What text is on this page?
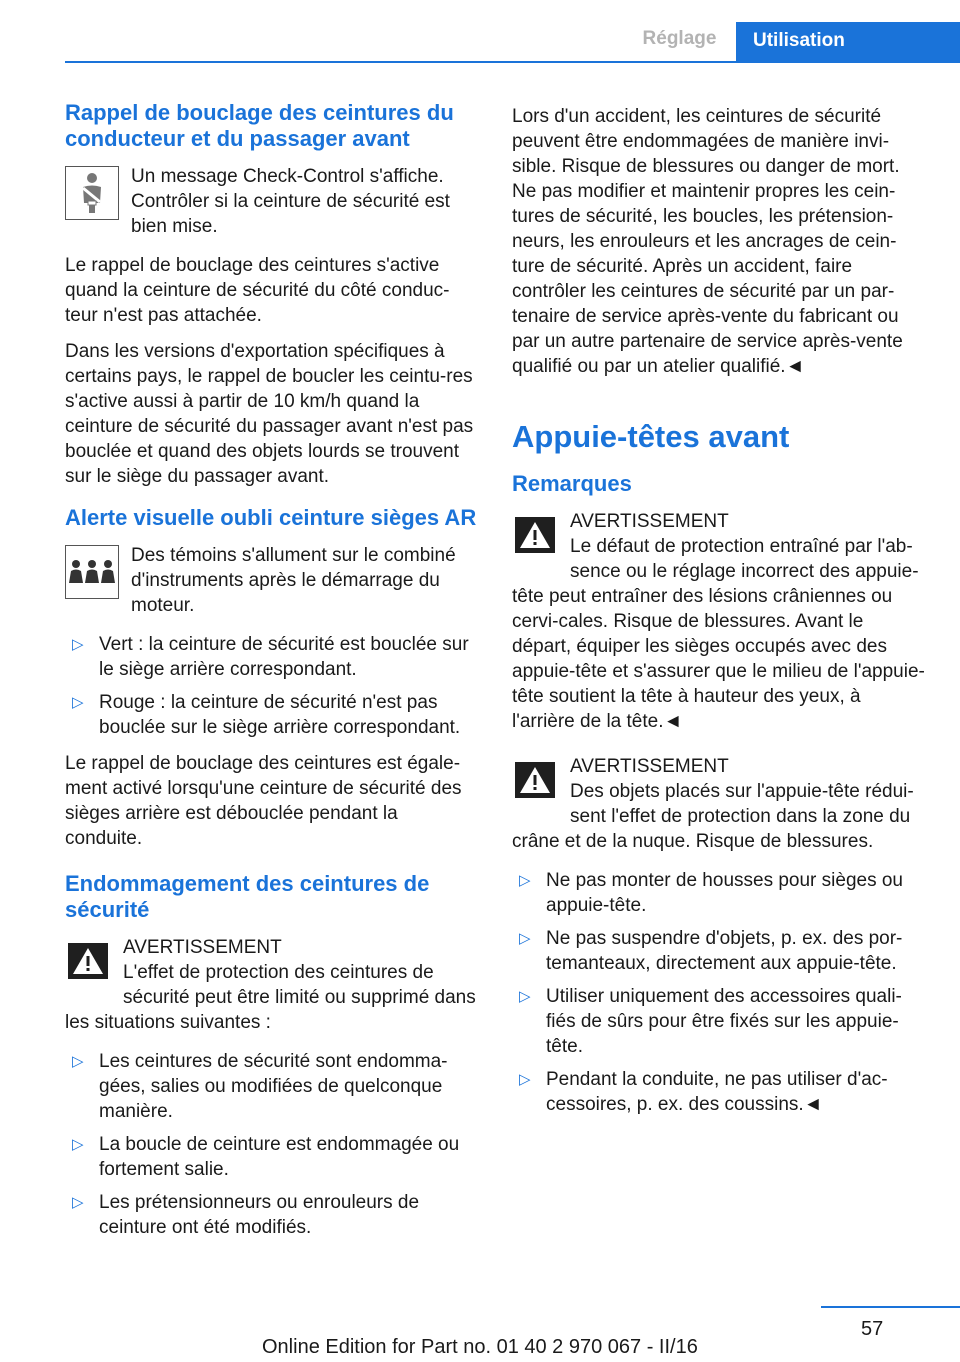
Réglage	Utilisation
Rappel de bouclage des ceintures du conducteur et du passager avant
Un message Check-Control s'affiche. Contrôler si la ceinture de sécurité est bien mise.

Le rappel de bouclage des ceintures s'active quand la ceinture de sécurité du côté conduc-teur n'est pas attachée.

Dans les versions d'exportation spécifiques à certains pays, le rappel de boucler les ceintu-res s'active aussi à partir de 10 km/h quand la ceinture de sécurité du passager avant n'est pas bouclée et quand des objets lourds se trouvent sur le siège du passager avant.

Alerte visuelle oubli ceinture sièges AR
Des témoins s'allument sur le combiné d'instruments après le démarrage du moteur.
▷ Vert : la ceinture de sécurité est bouclée sur le siège arrière correspondant.
▷ Rouge : la ceinture de sécurité n'est pas bouclée sur le siège arrière correspondant.

Le rappel de bouclage des ceintures est égale-ment activé lorsqu'une ceinture de sécurité des sièges arrière est débouclée pendant la conduite.

Endommagement des ceintures de sécurité
AVERTISSEMENT
L'effet de protection des ceintures de sécurité peut être limité ou supprimé dans les situations suivantes :
▷ Les ceintures de sécurité sont endomma-gées, salies ou modifiées de quelconque manière.
▷ La boucle de ceinture est endommagée ou fortement salie.
▷ Les prétensionneurs ou enrouleurs de ceinture ont été modifiés.

Lors d'un accident, les ceintures de sécurité peuvent être endommagées de manière invi-sible. Risque de blessures ou danger de mort. Ne pas modifier et maintenir propres les cein-tures de sécurité, les boucles, les prétension-neurs, les enrouleurs et les ancrages de cein-ture de sécurité. Après un accident, faire contrôler les ceintures de sécurité par un par-tenaire de service après-vente du fabricant ou par un autre partenaire de service après-vente qualifié ou par un atelier qualifié.◄

Appuie-têtes avant
Remarques
AVERTISSEMENT
Le défaut de protection entraîné par l'ab-sence ou le réglage incorrect des appuie-tête peut entraîner des lésions crâniennes ou cervi-cales. Risque de blessures. Avant le départ, équiper les sièges occupés avec des appuie-tête et s'assurer que le milieu de l'appuie-tête soutient la tête à hauteur des yeux, à l'arrière de la tête.◄
AVERTISSEMENT
Des objets placés sur l'appuie-tête rédui-sent l'effet de protection dans la zone du crâne et de la nuque. Risque de blessures.
▷ Ne pas monter de housses pour sièges ou appuie-tête.
▷ Ne pas suspendre d'objets, p. ex. des por-temanteaux, directement aux appuie-tête.
▷ Utiliser uniquement des accessoires quali-fiés de sûrs pour être fixés sur les appuie-tête.
▷ Pendant la conduite, ne pas utiliser d'ac-cessoires, p. ex. des coussins.◄
57
Online Edition for Part no. 01 40 2 970 067 - II/16
